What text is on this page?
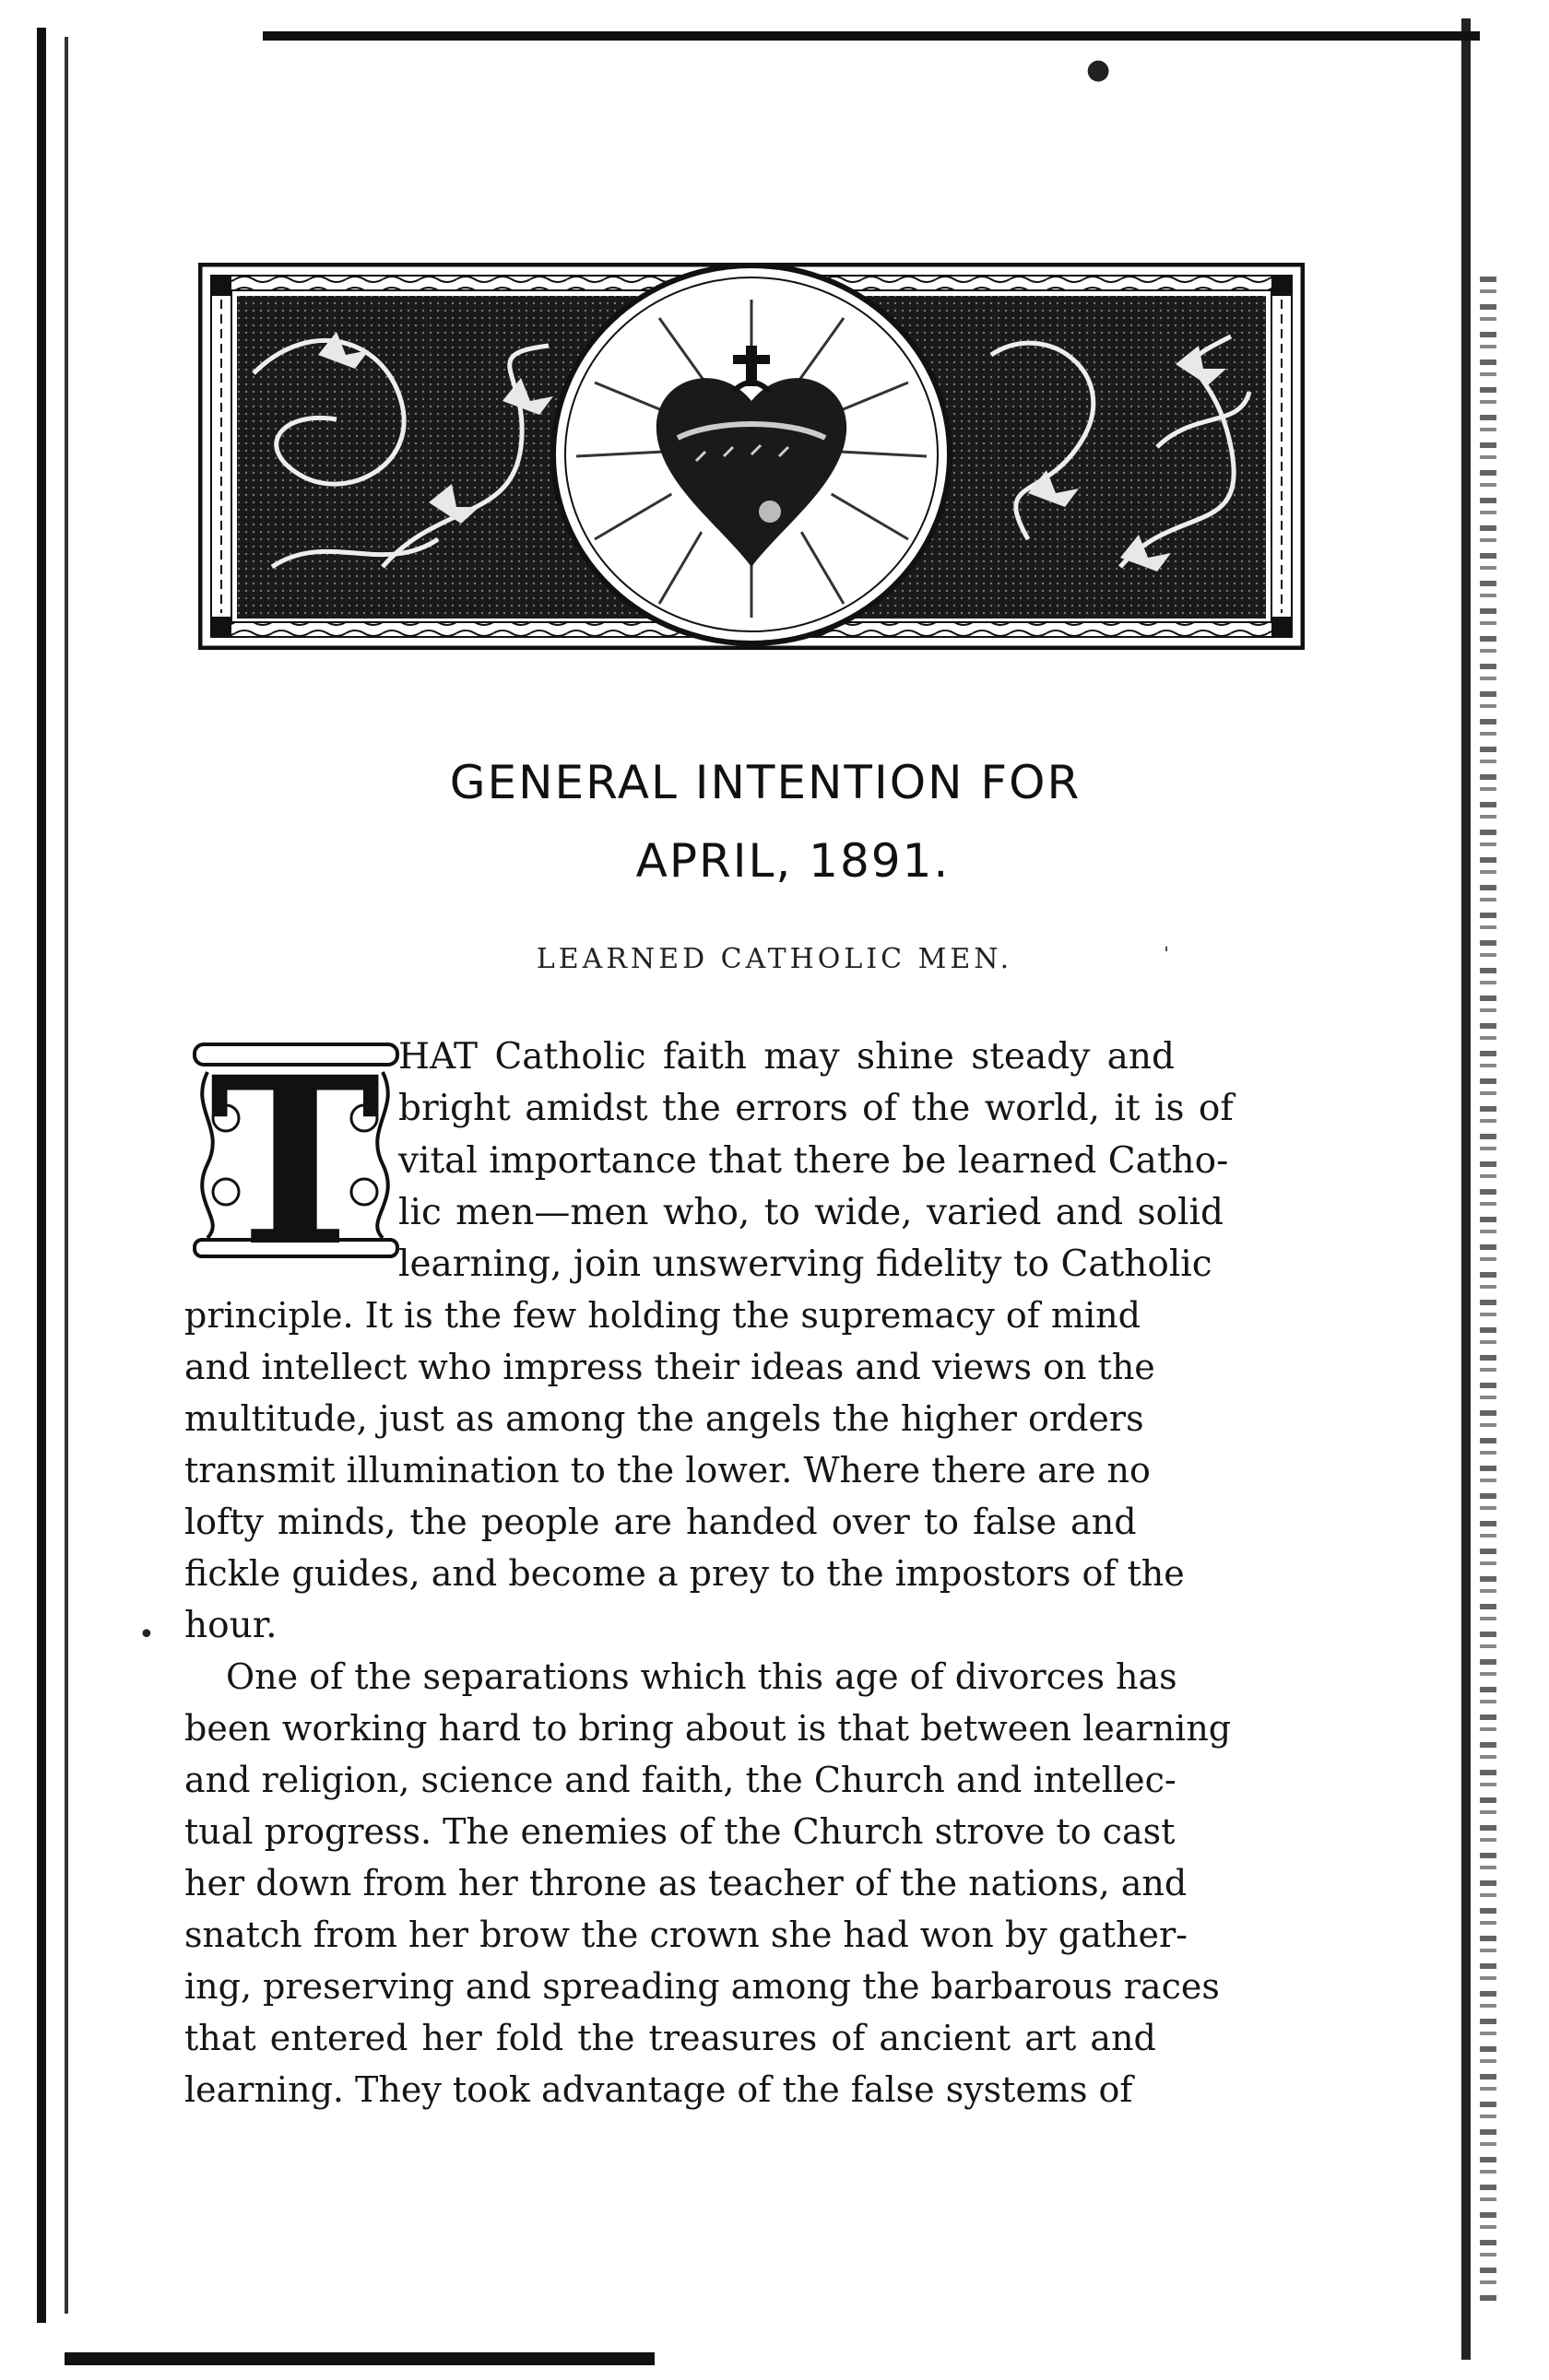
●
ˈ
GENERAL INTENTION FOR
APRIL, 1891.
LEARNED CATHOLIC MEN.
T HAT Catholic faith may shine steady and
bright amidst the errors of the world, it is of
vital importance that there be learned Catho-
lic men—men who, to wide, varied and solid
learning, join unswerving fidelity to Catholic
principle. It is the few holding the supremacy of mind
and intellect who impress their ideas and views on the
multitude, just as among the angels the higher orders
transmit illumination to the lower. Where there are no
lofty minds, the people are handed over to false and
fickle guides, and become a prey to the impostors of the
hour.
•
One of the separations which this age of divorces has
been working hard to bring about is that between learning
and religion, science and faith, the Church and intellec-
tual progress. The enemies of the Church strove to cast
her down from her throne as teacher of the nations, and
snatch from her brow the crown she had won by gather-
ing, preserving and spreading among the barbarous races
that entered her fold the treasures of ancient art and
learning. They took advantage of the false systems of
